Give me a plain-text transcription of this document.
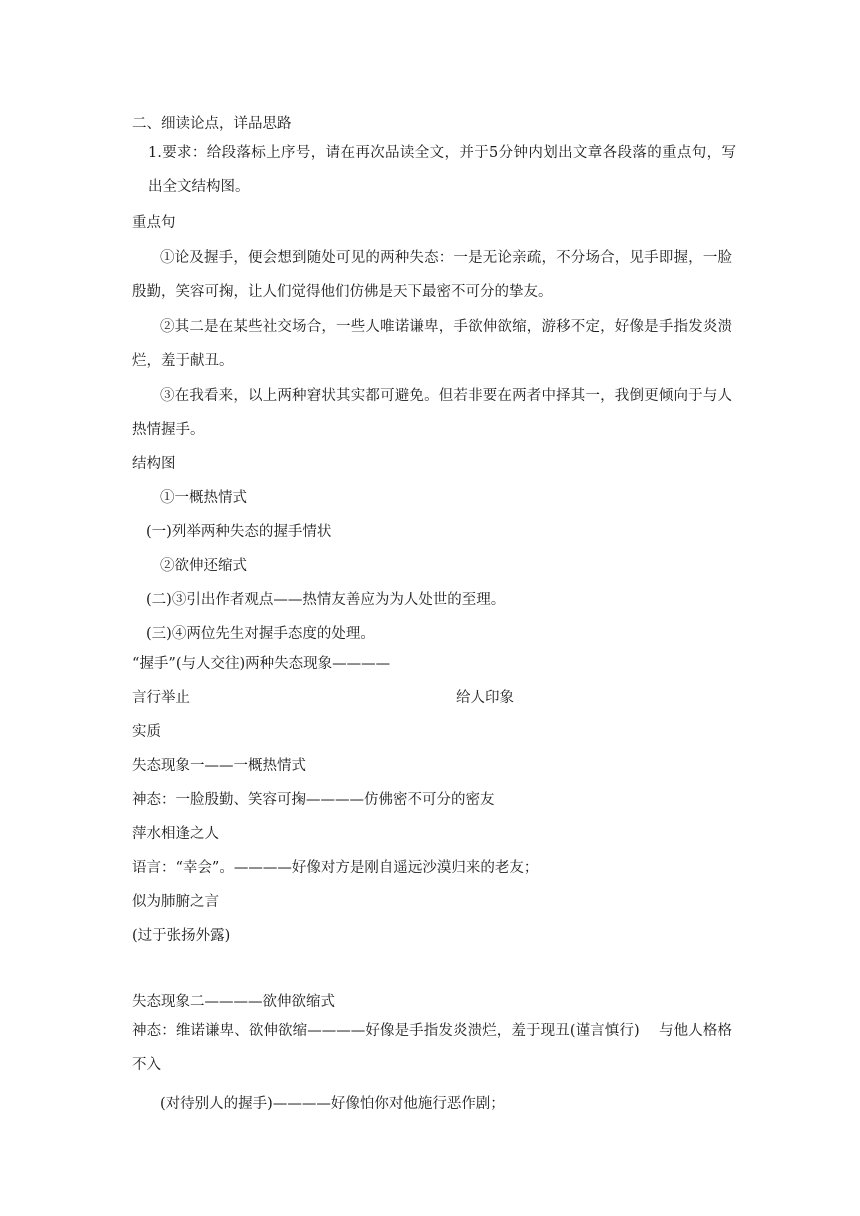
二、细读论点，详品思路
1.要求：给段落标上序号，请在再次品读全文，并于5分钟内划出文章各段落的重点句，写出全文结构图。
重点句
①论及握手，便会想到随处可见的两种失态：一是无论亲疏，不分场合，见手即握，一脸殷勤，笑容可掬，让人们觉得他们仿佛是天下最密不可分的挚友。
②其二是在某些社交场合，一些人唯诺谦卑，手欲伸欲缩，游移不定，好像是手指发炎溃烂，羞于献丑。
③在我看来，以上两种窘状其实都可避免。但若非要在两者中择其一，我倒更倾向于与人热情握手。
结构图
①一概热情式
(一)列举两种失态的握手情状
②欲伸还缩式
(二)③引出作者观点——热情友善应为为人处世的至理。
(三)④两位先生对握手态度的处理。
“握手”(与人交往)两种失态现象————
言行举止	给人印象
实质
失态现象一——一概热情式
神态：一脸殷勤、笑容可掬————仿佛密不可分的密友
萍水相逢之人
语言：“幸会”。————好像对方是刚自遥远沙漠归来的老友；
似为肺腑之言
(过于张扬外露)
失态现象二————欲伸欲缩式
神态：维诺谦卑、欲伸欲缩————好像是手指发炎溃烂，羞于现丑(谨言慎行)　 与他人格格不入
(对待别人的握手)————好像怕你对他施行恶作剧；
